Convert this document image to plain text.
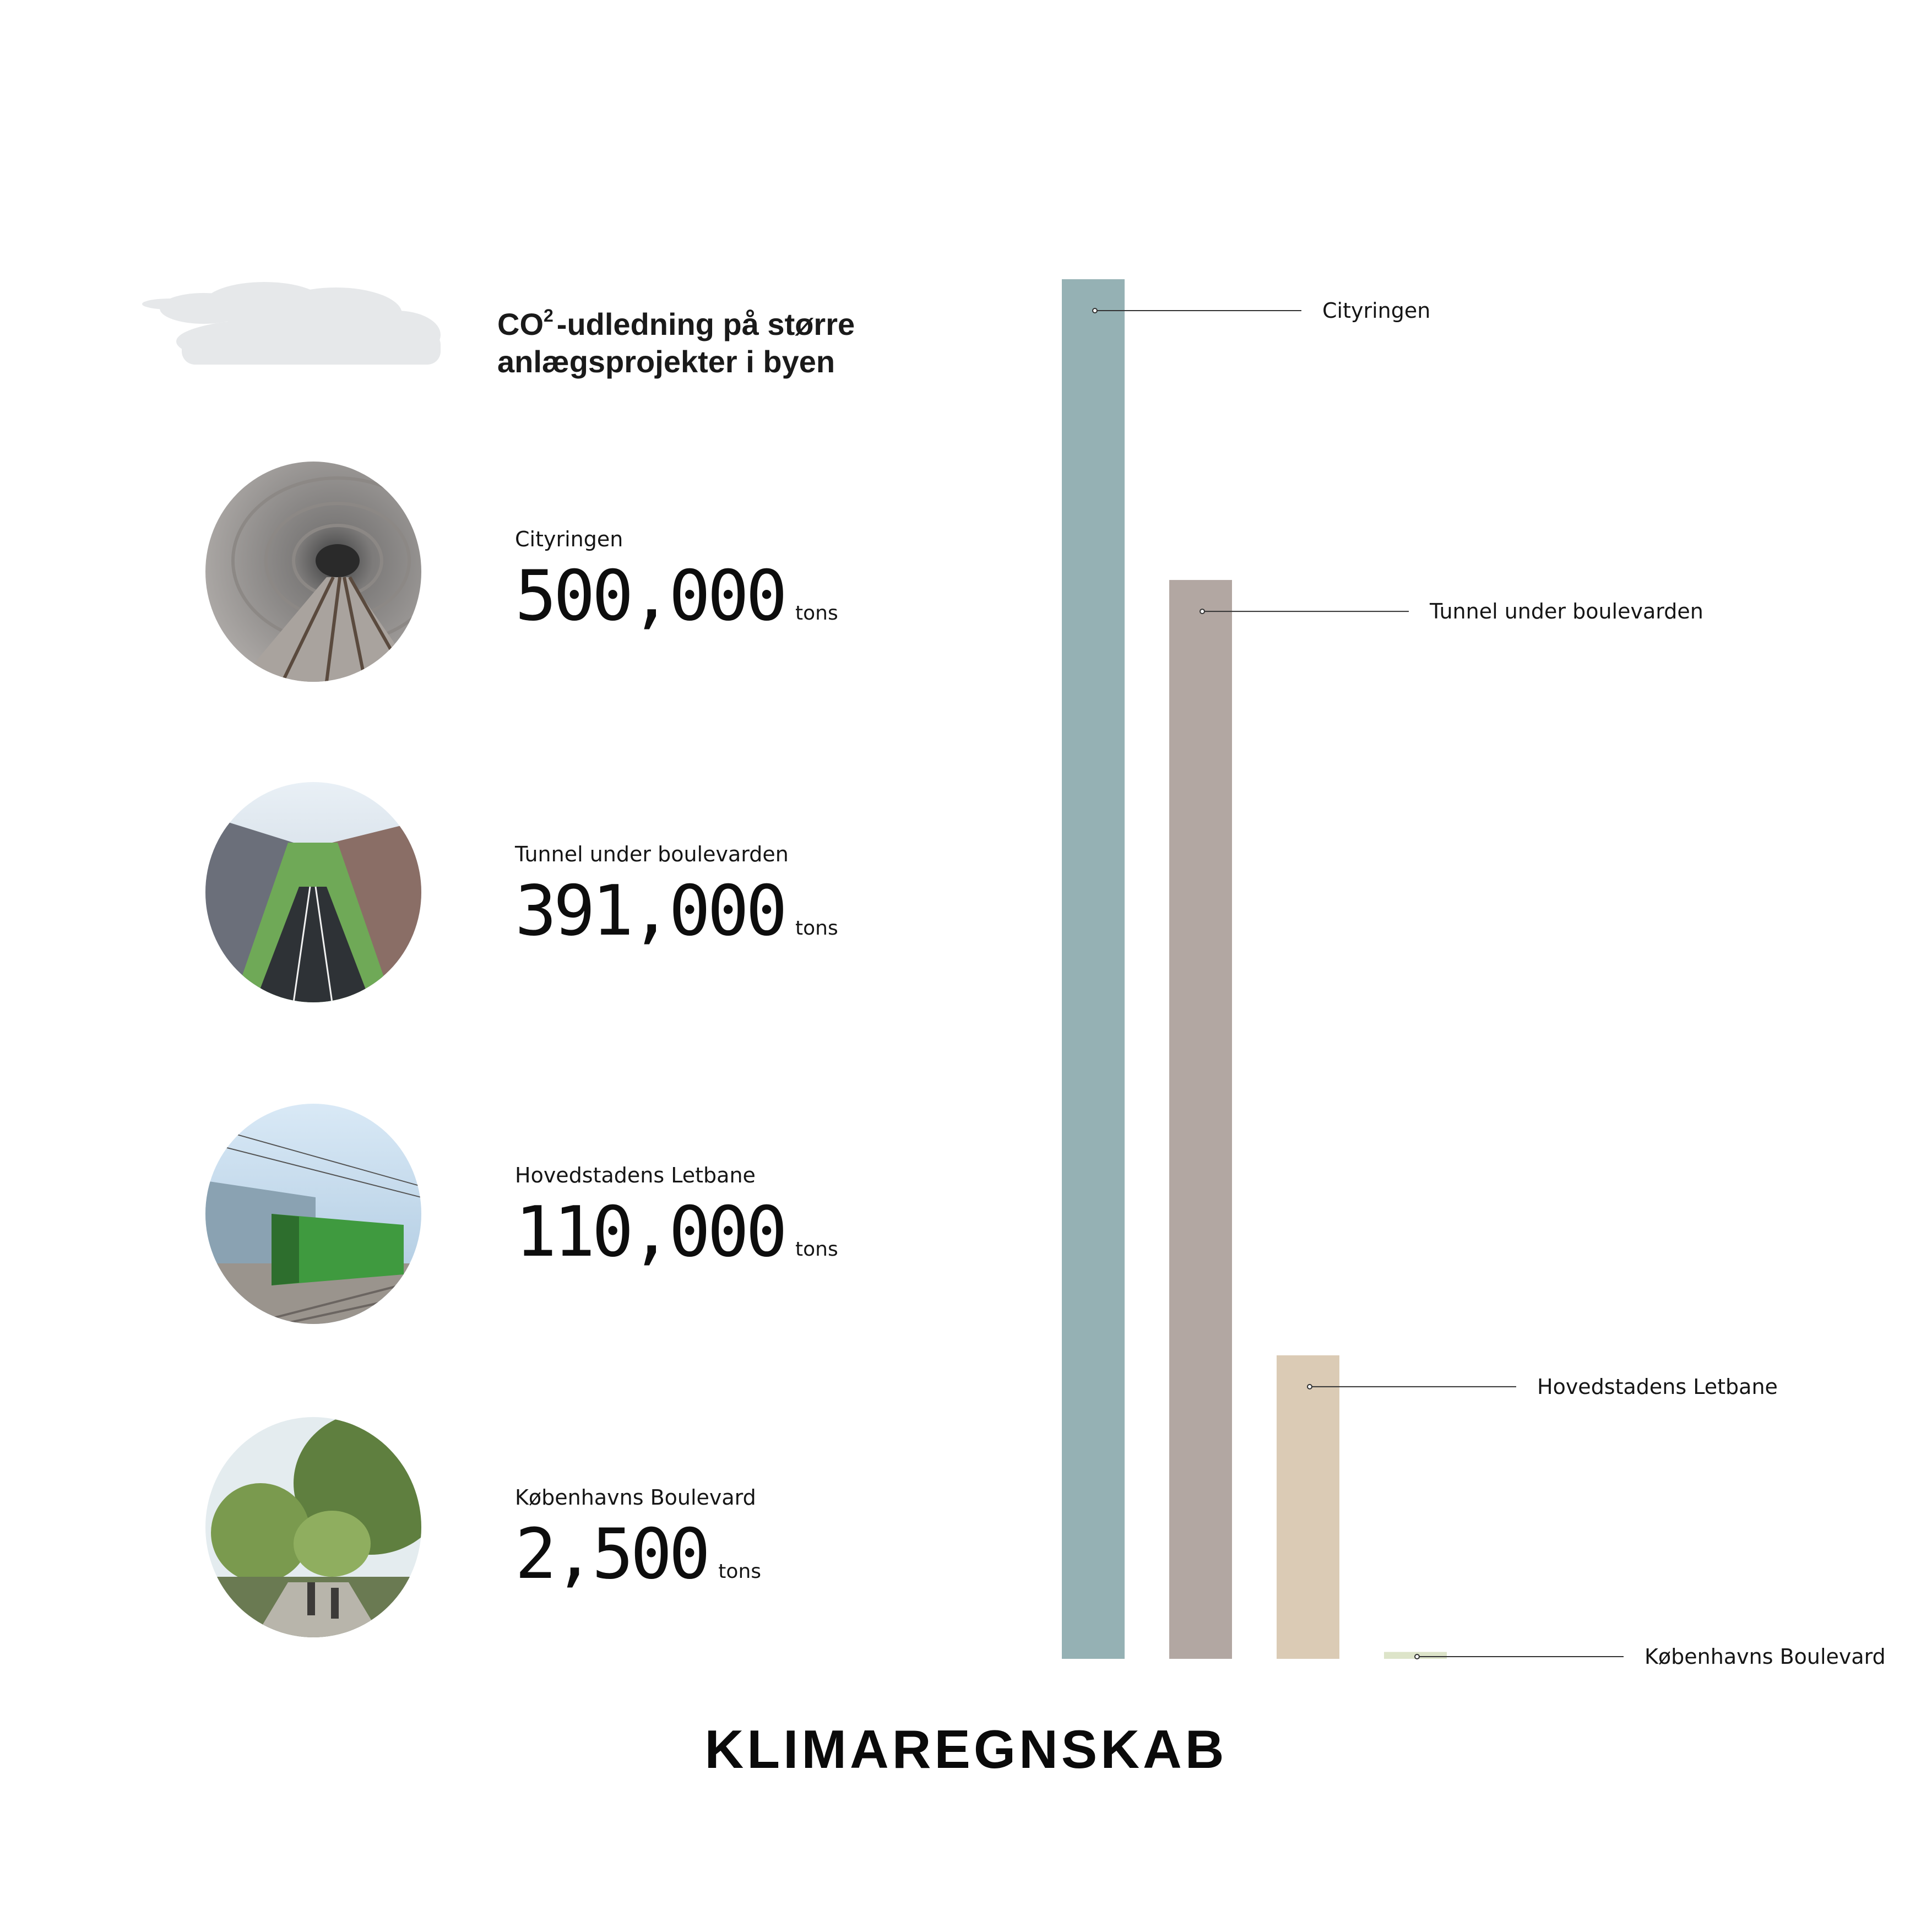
$CO^2$ -udledning på større
anlægsprojekter i byen
Cityringen
500,000 tons
Tunnel under boulevarden
391,000 tons
Hovedstadens Letbane
110,000 tons
Københavns Boulevard
2,500 tons
Cityringen
Tunnel under boulevarden
Hovedstadens Letbane
Københavns Boulevard
KLIMAREGNSKAB
